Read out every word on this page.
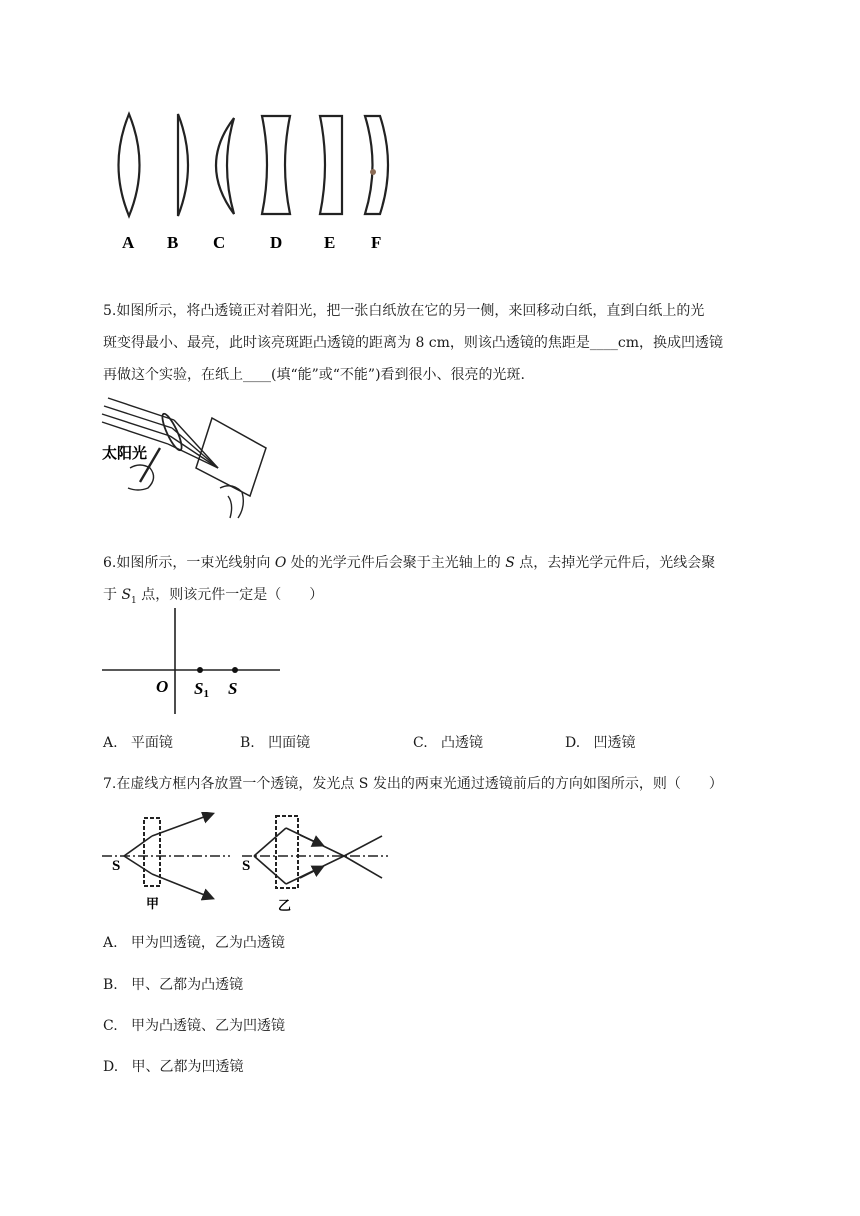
A B C	D E F
5.如图所示，将凸透镜正对着阳光，把一张白纸放在它的另一侧，来回移动白纸，直到白纸上的光
斑变得最小、最亮，此时该亮斑距凸透镜的距离为 8 cm，则该凸透镜的焦距是____cm，换成凹透镜
再做这个实验，在纸上____(填“能”或“不能”)看到很小、很亮的光斑.
太阳光
6.如图所示，一束光线射向 O 处的光学元件后会聚于主光轴上的 S 点，去掉光学元件后，光线会聚
于 $S_1$ 点，则该元件一定是（　　）
O S1 S
A. 平面镜	B. 凹面镜	C. 凸透镜	D. 凹透镜
7.在虚线方框内各放置一个透镜，发光点 S 发出的两束光通过透镜前后的方向如图所示，则（　　）
S
甲
S
乙
A. 甲为凹透镜，乙为凸透镜
B. 甲、乙都为凸透镜
C. 甲为凸透镜、乙为凹透镜
D. 甲、乙都为凹透镜
